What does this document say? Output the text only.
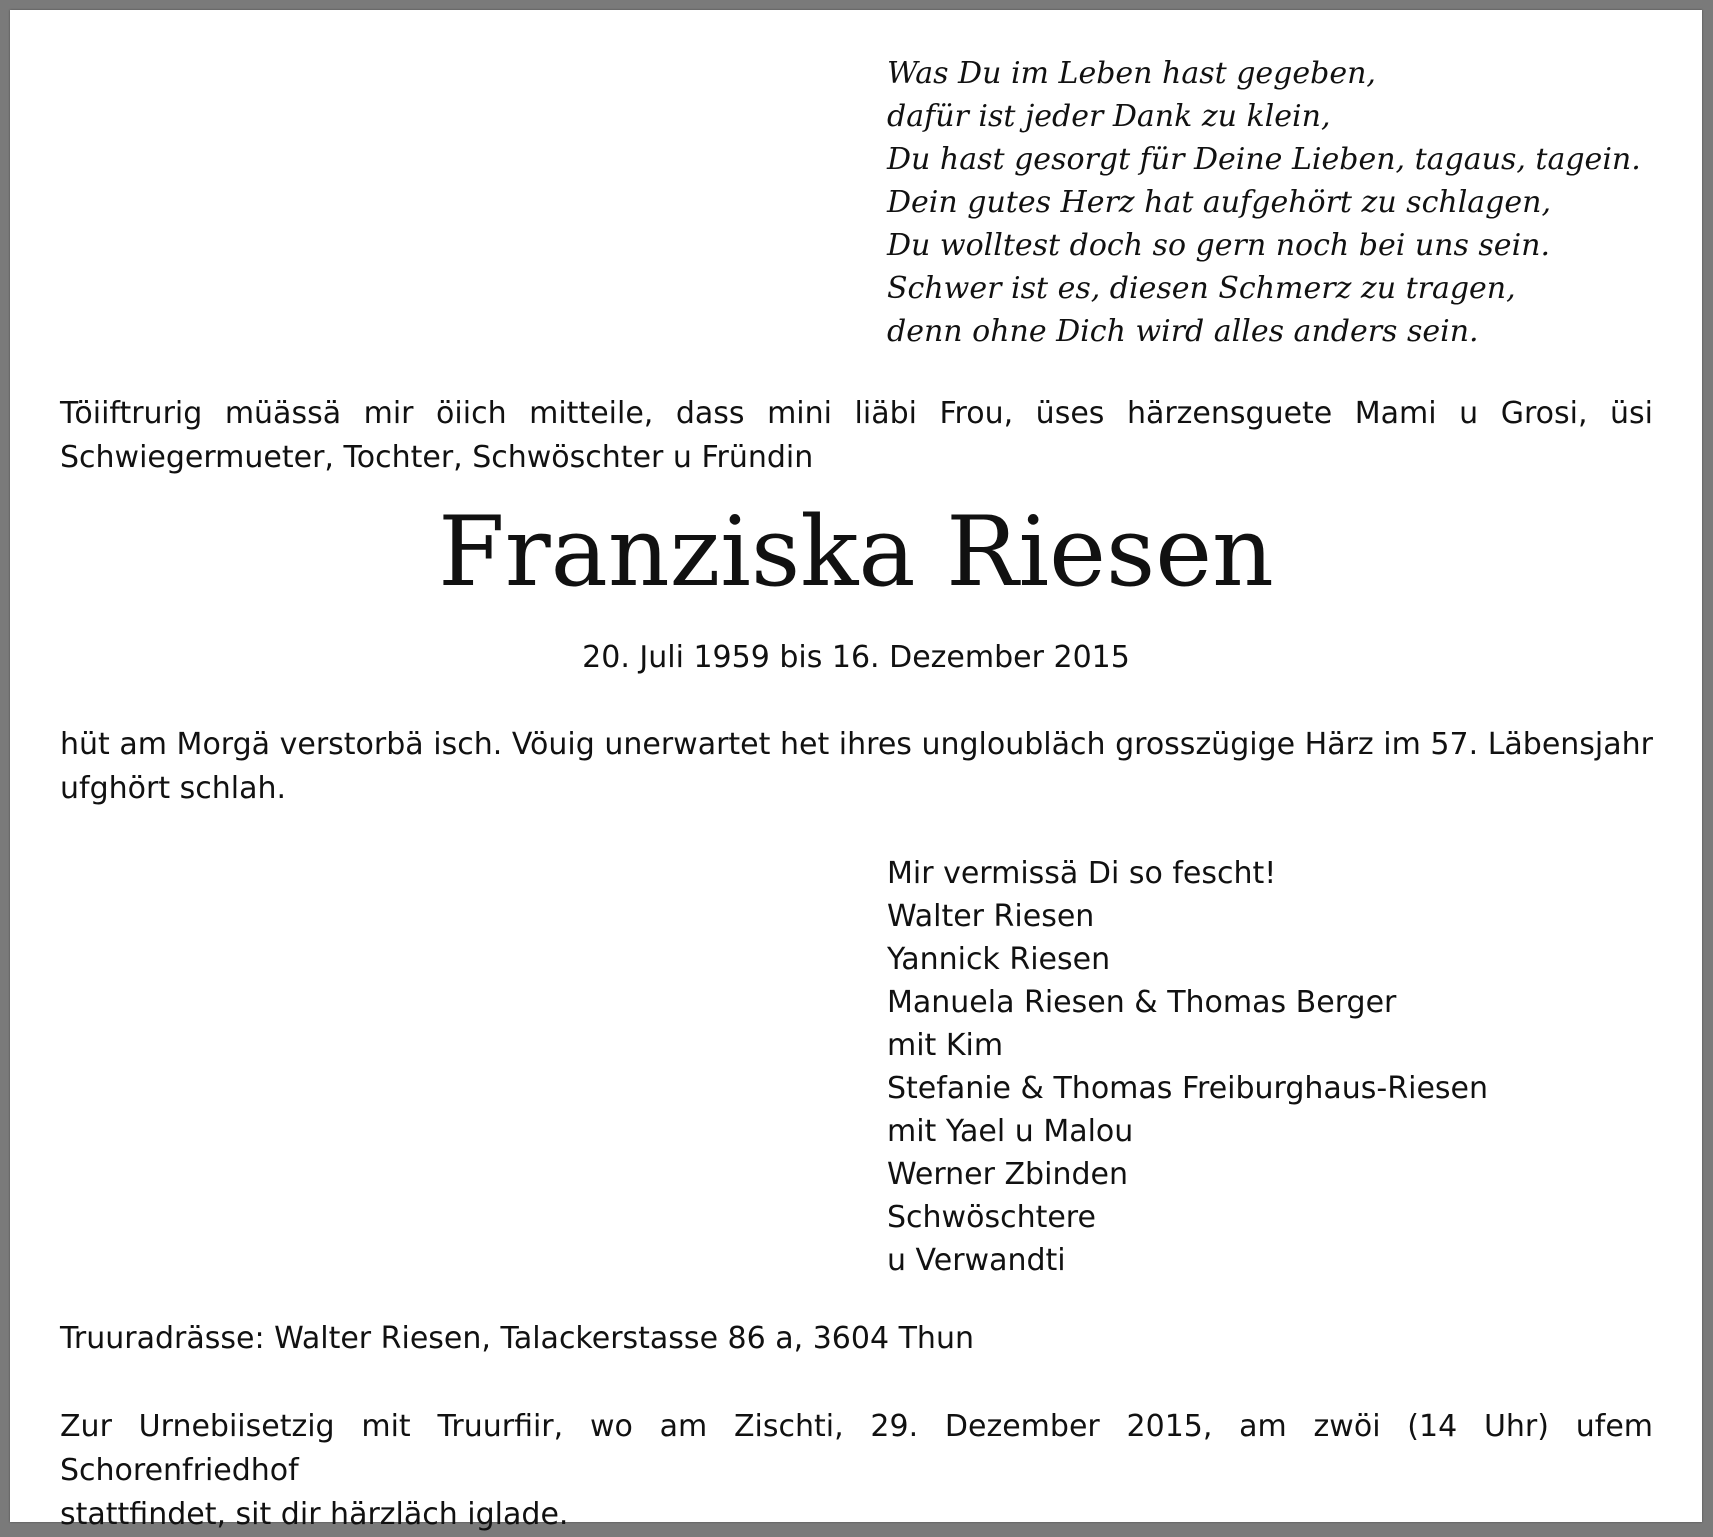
Was Du im Leben hast gegeben,
dafür ist jeder Dank zu klein,
Du hast gesorgt für Deine Lieben, tagaus, tagein.
Dein gutes Herz hat aufgehört zu schlagen,
Du wolltest doch so gern noch bei uns sein.
Schwer ist es, diesen Schmerz zu tragen,
denn ohne Dich wird alles anders sein.
Töiiftrurig müässä mir öiich mitteile, dass mini liäbi Frou, üses härzensguete Mami u Grosi, üsi
Schwiegermueter, Tochter, Schwöschter u Fründin
Franziska Riesen
20. Juli 1959 bis 16. Dezember 2015
hüt am Morgä verstorbä isch. Vöuig unerwartet het ihres ungloubläch grosszügige Härz im 57. Läbensjahr
ufghört schlah.
Mir vermissä Di so fescht!
Walter Riesen
Yannick Riesen
Manuela Riesen & Thomas Berger
mit Kim
Stefanie & Thomas Freiburghaus-Riesen
mit Yael u Malou
Werner Zbinden
Schwöschtere
u Verwandti
Truuradrässe: Walter Riesen, Talackerstasse 86 a, 3604 Thun
Zur Urnebiisetzig mit Truurfiir, wo am Zischti, 29. Dezember 2015, am zwöi (14 Uhr) ufem Schorenfriedhof
stattfindet, sit dir härzläch iglade.
